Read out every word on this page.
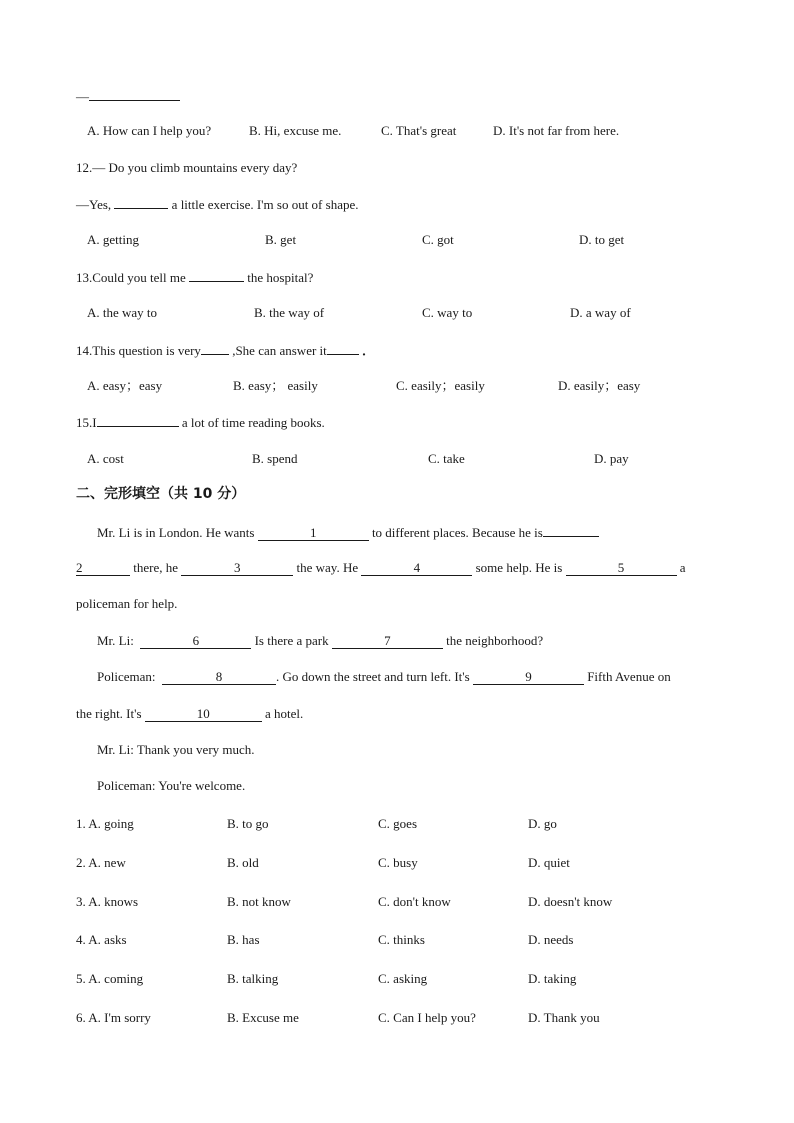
—
A. How can I help you?	B. Hi, excuse me.	C. That's great	D. It's not far from here.
12.— Do you climb mountains every day?
—Yes,	a little exercise. I'm so out of shape.
A. getting	B. get	C. got	D. to get
13.Could you tell me	the hospital?
A. the way to	B. the way of	C. way to	D. a way of
14.This question is very ,She can answer it	．
A. easy；easy	B. easy； easily	C. easily；easily	D. easily；easy
15.I	a lot of time reading books.
A. cost	B. spend	C. take	D. pay
二、完形填空（共 10 分）
Mr. Li is in London. He wants	1	to different places. Because he is
2	there, he	3	the way. He	4	some help. He is	5	a
policeman for help.
Mr. Li:	6	Is there a park	7	the neighborhood?
Policeman:	8	. Go down the street and turn left. It's	9	Fifth Avenue on
the right. It's	10	a hotel.
Mr. Li: Thank you very much.
Policeman: You're welcome.
1. A. going	B. to go	C. goes	D. go
2. A. new	B. old	C. busy	D. quiet
3. A. knows	B. not know	C. don't know	D. doesn't know
4. A. asks	B. has	C. thinks	D. needs
5. A. coming	B. talking	C. asking	D. taking
6. A. I'm sorry	B. Excuse me	C. Can I help you?	D. Thank you
